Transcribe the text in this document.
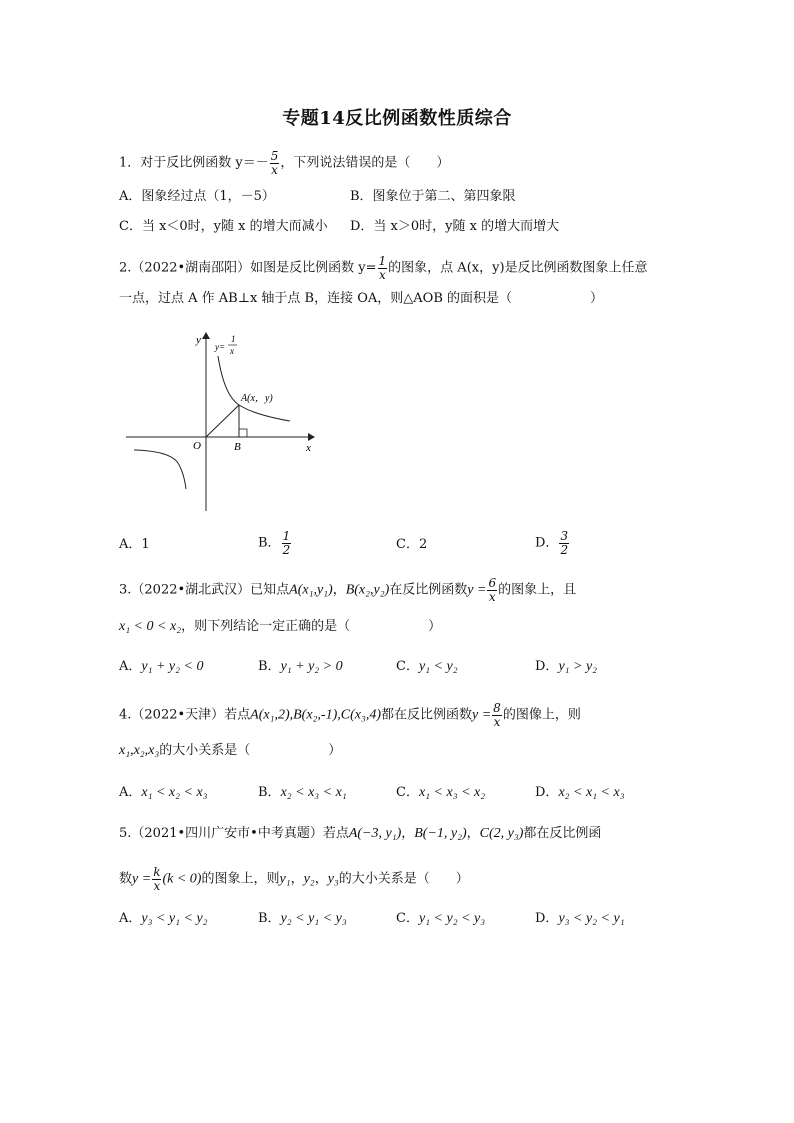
专题14反比例函数性质综合
1．对于反比例函数 $y=- \frac{5}{x}$ ，下列说法错误的是（　　）
A．图象经过点（1，－5）	B．图象位于第二、第四象限
C．当 x＜0时，y随 x 的增大而减小 D．当 x＞0时，y随 x 的增大而增大
2.（2022•湖南邵阳）如图是反比例函数 $y= \frac{1}{x}$ 的图象，点 A(x，y)是反比例函数图象上任意
一点，过点 A 作 AB⊥x 轴于点 B，连接 OA，则△AOB 的面积是（　　　　　　）
y
x
O	B
A(x，y)
y=
1
x
A．1	B． $\frac{1}{2}$	C．2	D． $\frac{3}{2}$
3.（2022•湖北武汉）已知点A(x₁,y₁)，B(x₂,y₂)在反比例函数$y = \frac{6}{x}$ 的图象上，且
x₁ < 0 < x₂，则下列结论一定正确的是（　　　　　　）
A．y₁ + y₂ < 0	B．y₁ + y₂ > 0	C．y₁ < y₂	D．y₁ > y₂
4.（2022•天津）若点A(x₁,2),B(x₂,-1),C(x₃,4)都在反比例函数$y = \frac{8}{x}$ 的图像上，则
x₁,x₂,x₃的大小关系是（　　　　　　）
A．x₁ < x₂ < x₃	B．x₂ < x₃ < x₁	C．x₁ < x₃ < x₂	D．x₂ < x₁ < x₃
5.（2021•四川广安市•中考真题）若点A(−3, y₁)，B(−1, y₂)，C(2, y₃)都在反比例函
数$y = \frac{k}{x} (k < 0)$的图象上，则y₁，y₂，y₃的大小关系是（　　）
A．y₃ < y₁ < y₂	B．y₂ < y₁ < y₃	C．y₁ < y₂ < y₃	D．y₃ < y₂ < y₁
